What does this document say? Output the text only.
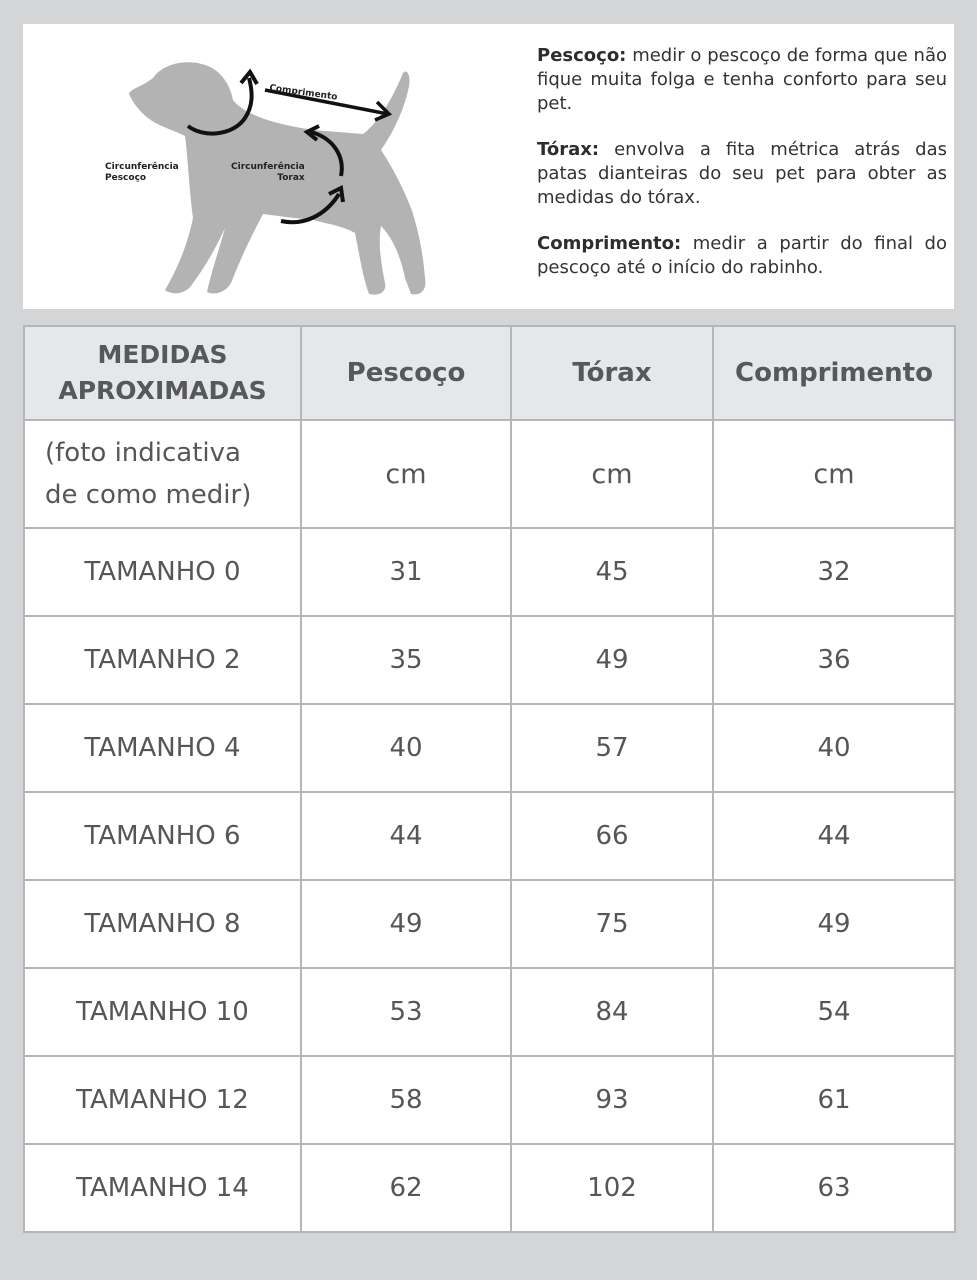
Circunferência
Pescoço
Circunferência
Torax
Comprimento

Pescoço: medir o pescoço de forma que não fique muita folga e tenha conforto para seu pet.

Tórax: envolva a fita métrica atrás das patas dianteiras do seu pet para obter as medidas do tórax.

Comprimento: medir a partir do final do pescoço até o início do rabinho.

MEDIDAS
APROXIMADAS	Pescoço	Tórax	Comprimento

(foto indicativa
de como medir)	cm	cm	cm
TAMANHO 0	31	45	32
TAMANHO 2	35	49	36
TAMANHO 4	40	57	40
TAMANHO 6	44	66	44
TAMANHO 8	49	75	49
TAMANHO 10	53	84	54
TAMANHO 12	58	93	61
TAMANHO 14	62	102	63
